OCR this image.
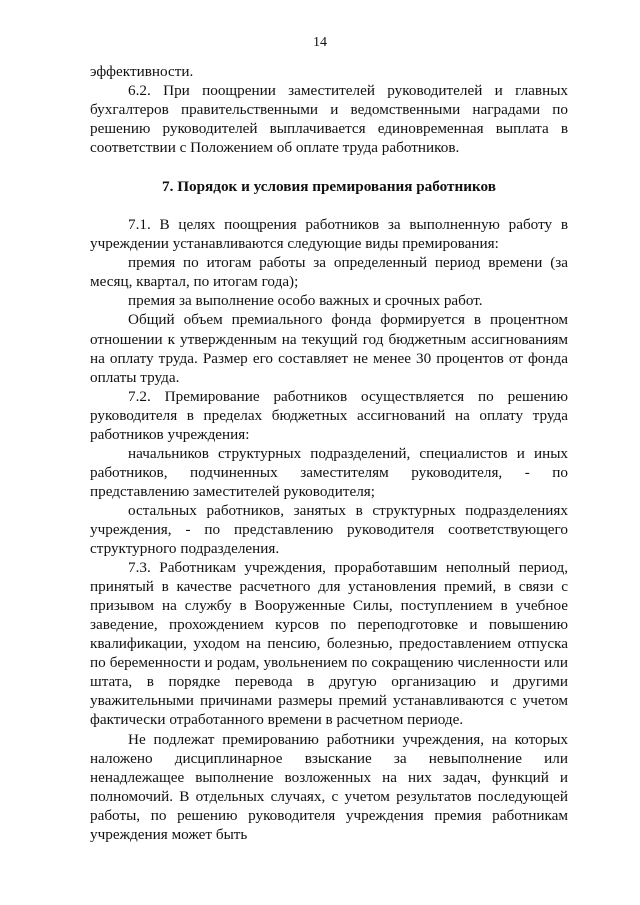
14

эффективности.

6.2. При поощрении заместителей руководителей и главных бухгалтеров правительственными и ведомственными наградами по решению руководителей выплачивается единовременная выплата в соответствии с Положением об оплате труда работников.

7. Порядок и условия премирования работников

7.1. В целях поощрения работников за выполненную работу в учреждении устанавливаются следующие виды премирования:

премия по итогам работы за определенный период времени (за месяц, квартал, по итогам года);

премия за выполнение особо важных и срочных работ.

Общий объем премиального фонда формируется в процентном отношении к утвержденным на текущий год бюджетным ассигнованиям на оплату труда. Размер его составляет не менее 30 процентов от фонда оплаты труда.

7.2. Премирование работников осуществляется по решению руководителя в пределах бюджетных ассигнований на оплату труда работников учреждения:

начальников структурных подразделений, специалистов и иных работников, подчиненных заместителям руководителя, - по представлению заместителей руководителя;

остальных работников, занятых в структурных подразделениях учреждения, - по представлению руководителя соответствующего структурного подразделения.

7.3. Работникам учреждения, проработавшим неполный период, принятый в качестве расчетного для установления премий, в связи с призывом на службу в Вооруженные Силы, поступлением в учебное заведение, прохождением курсов по переподготовке и повышению квалификации, уходом на пенсию, болезнью, предоставлением отпуска по беременности и родам, увольнением по сокращению численности или штата, в порядке перевода в другую организацию и другими уважительными причинами размеры премий устанавливаются с учетом фактически отработанного времени в расчетном периоде.

Не подлежат премированию работники учреждения, на которых наложено дисциплинарное взыскание за невыполнение или ненадлежащее выполнение возложенных на них задач, функций и полномочий. В отдельных случаях, с учетом результатов последующей работы, по решению руководителя учреждения премия работникам учреждения может быть
